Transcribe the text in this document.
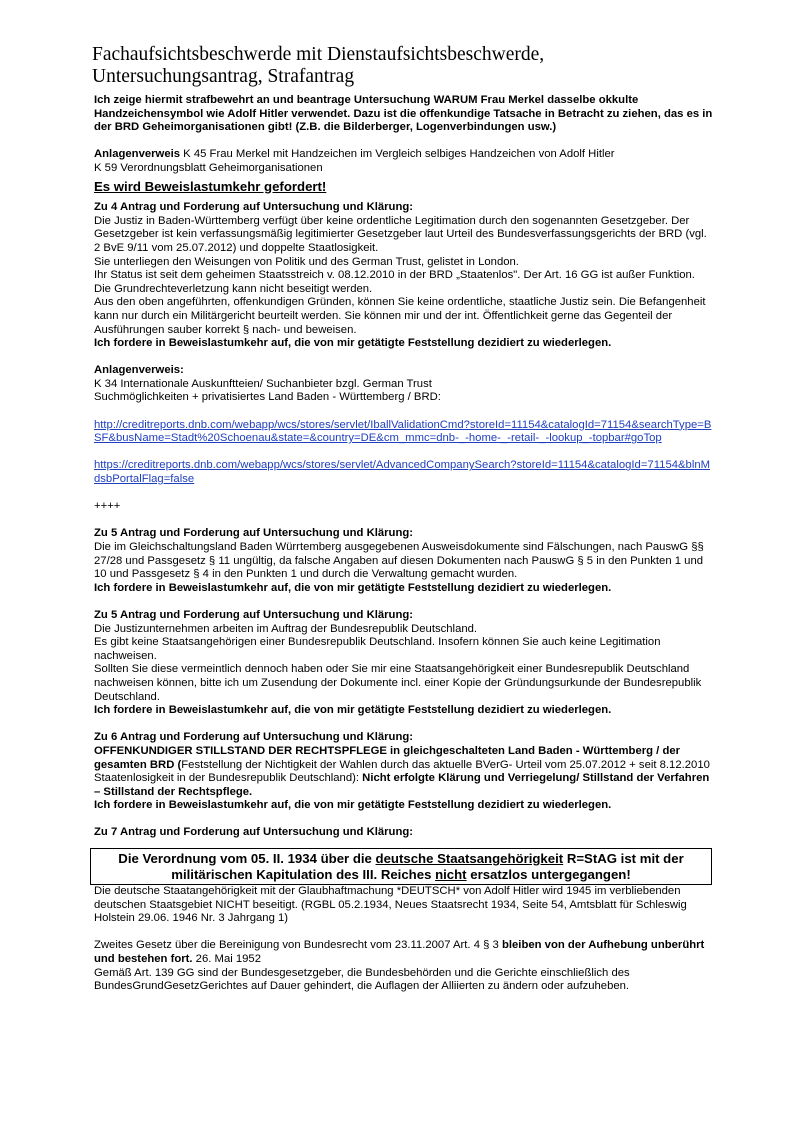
Fachaufsichtsbeschwerde mit Dienstaufsichtsbeschwerde, Untersuchungsantrag, Strafantrag

Ich zeige hiermit strafbewehrt an und beantrage Untersuchung WARUM Frau Merkel dasselbe okkulte Handzeichensymbol wie Adolf Hitler verwendet. Dazu ist die offenkundige Tatsache in Betracht zu ziehen, das es in der BRD Geheimorganisationen gibt! (Z.B. die Bilderberger, Logenverbindungen usw.)

Anlagenverweis K 45 Frau Merkel mit Handzeichen im Vergleich selbiges Handzeichen von Adolf Hitler

K 59 Verordnungsblatt Geheimorganisationen

Es wird Beweislastumkehr gefordert!

Zu 4 Antrag und Forderung auf Untersuchung und Klärung:

Die Justiz in Baden-Württemberg verfügt über keine ordentliche Legitimation durch den sogenannten Gesetzgeber. Der Gesetzgeber ist kein verfassungsmäßig legitimierter Gesetzgeber laut Urteil des Bundesverfassungsgerichts der BRD (vgl. 2 BvE 9/11 vom 25.07.2012) und doppelte Staatlosigkeit.

Sie unterliegen den Weisungen von Politik und des German Trust, gelistet in London.

Ihr Status ist seit dem geheimen Staatsstreich v. 08.12.2010 in der BRD „Staatenlos". Der Art. 16 GG ist außer Funktion. Die Grundrechteverletzung kann nicht beseitigt werden.

Aus den oben angeführten, offenkundigen Gründen, können Sie keine ordentliche, staatliche Justiz sein. Die Befangenheit kann nur durch ein Militärgericht beurteilt werden. Sie können mir und der int. Öffentlichkeit gerne das Gegenteil der Ausführungen sauber korrekt § nach- und beweisen.

Ich fordere in Beweislastumkehr auf, die von mir getätigte Feststellung dezidiert zu wiederlegen.

Anlagenverweis:

K 34 Internationale Auskunftteien/ Suchanbieter bzgl. German Trust

Suchmöglichkeiten + privatisiertes Land Baden - Württemberg / BRD:

http://creditreports.dnb.com/webapp/wcs/stores/servlet/IballValidationCmd?storeId=11154&catalogId=71154&searchType=BSF&busName=Stadt%20Schoenau&state=&country=DE&cm_mmc=dnb-_-home-_-retail-_-lookup_-topbar#goTop

https://creditreports.dnb.com/webapp/wcs/stores/servlet/AdvancedCompanySearch?storeId=11154&catalogId=71154&blnMdsbPortalFlag=false

++++

Zu 5 Antrag und Forderung auf Untersuchung und Klärung:

Die im Gleichschaltungsland Baden Würrtemberg ausgegebenen Ausweisdokumente sind Fälschungen, nach PauswG §§ 27/28 und Passgesetz § 11 ungültig, da falsche Angaben auf diesen Dokumenten nach PauswG § 5 in den Punkten 1 und 10 und Passgesetz § 4 in den Punkten 1 und durch die Verwaltung gemacht wurden.

Ich fordere in Beweislastumkehr auf, die von mir getätigte Feststellung dezidiert zu wiederlegen.

Zu 5 Antrag und Forderung auf Untersuchung und Klärung:

Die Justizunternehmen arbeiten im Auftrag der Bundesrepublik Deutschland.

Es gibt keine Staatsangehörigen einer Bundesrepublik Deutschland. Insofern können Sie auch keine Legitimation nachweisen.

Sollten Sie diese vermeintlich dennoch haben oder Sie mir eine Staatsangehörigkeit einer Bundesrepublik Deutschland nachweisen können, bitte ich um Zusendung der Dokumente incl. einer Kopie der Gründungsurkunde der Bundesrepublik Deutschland.

Ich fordere in Beweislastumkehr auf, die von mir getätigte Feststellung dezidiert zu wiederlegen.

Zu 6 Antrag und Forderung auf Untersuchung und Klärung:

OFFENKUNDIGER STILLSTAND DER RECHTSPFLEGE in gleichgeschalteten Land Baden - Württemberg / der gesamten BRD (Feststellung der Nichtigkeit der Wahlen durch das aktuelle BVerG- Urteil vom 25.07.2012 + seit 8.12.2010 Staatenlosigkeit in der Bundesrepublik Deutschland): Nicht erfolgte Klärung und Verriegelung/ Stillstand der Verfahren – Stillstand der Rechtspflege.

Ich fordere in Beweislastumkehr auf, die von mir getätigte Feststellung dezidiert zu wiederlegen.

Zu 7 Antrag und Forderung auf Untersuchung und Klärung:

Die Verordnung vom 05. II. 1934 über die deutsche Staatsangehörigkeit R=StAG ist mit der militärischen Kapitulation des III. Reiches nicht ersatzlos untergegangen!

Die deutsche Staatangehörigkeit mit der Glaubhaftmachung *DEUTSCH* von Adolf Hitler wird 1945 im verbliebenden deutschen Staatsgebiet NICHT beseitigt. (RGBL 05.2.1934, Neues Staatsrecht 1934, Seite 54, Amtsblatt für Schleswig Holstein 29.06. 1946 Nr. 3 Jahrgang 1)

Zweites Gesetz über die Bereinigung von Bundesrecht vom 23.11.2007 Art. 4 § 3 bleiben von der Aufhebung unberührt und bestehen fort. 26. Mai 1952

Gemäß Art. 139 GG sind der Bundesgesetzgeber, die Bundesbehörden und die Gerichte einschließlich des BundesGrundGesetzGerichtes auf Dauer gehindert, die Auflagen der Alliierten zu ändern oder aufzuheben.
